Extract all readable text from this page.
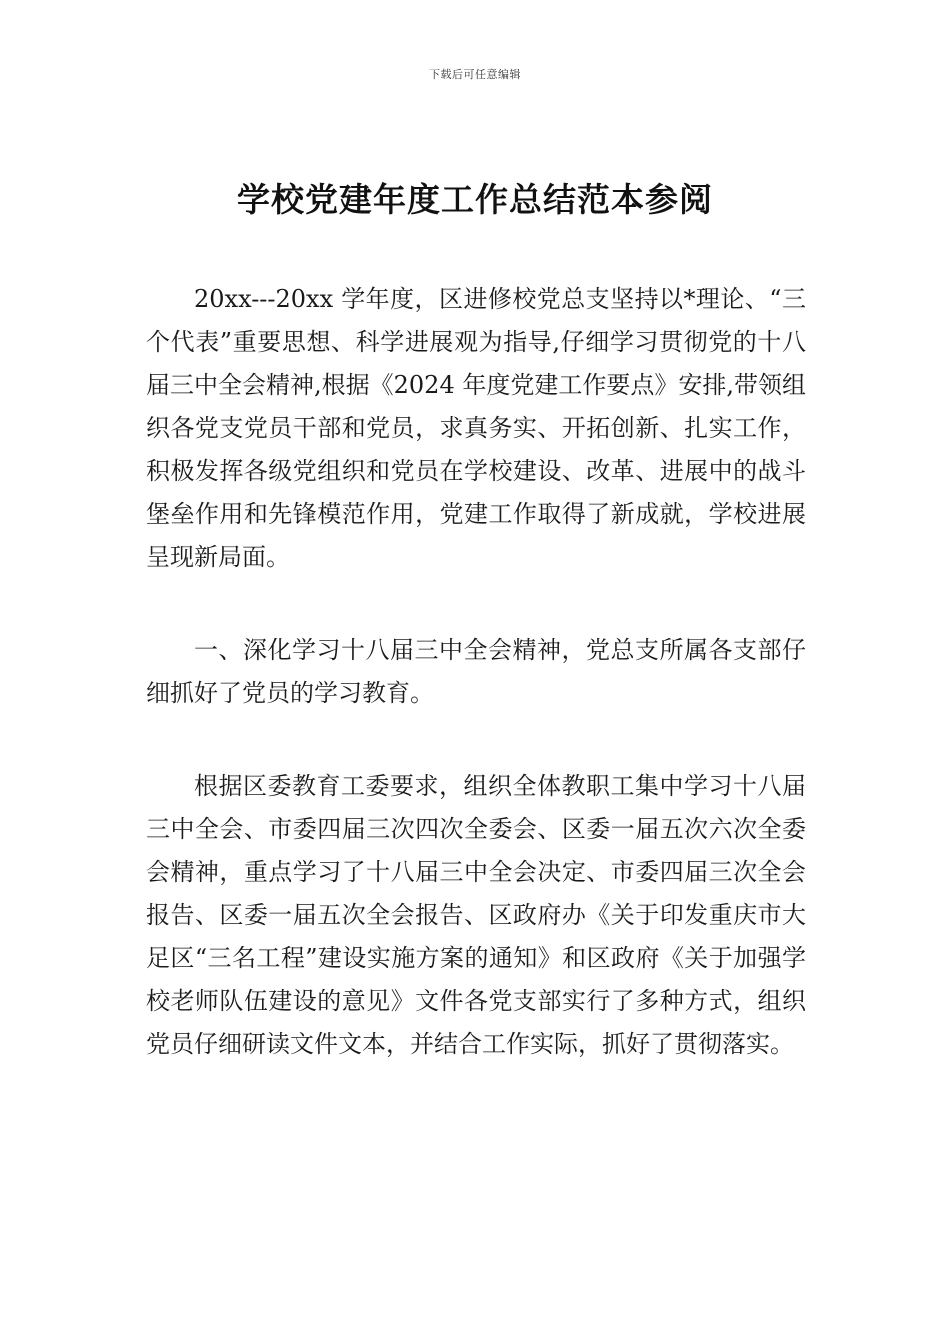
下载后可任意编辑
学校党建年度工作总结范本参阅

20xx---20xx 学年度，区进修校党总支坚持以*理论、“三个代表”重要思想、科学进展观为指导,仔细学习贯彻党的十八届三中全会精神,根据《2024 年度党建工作要点》安排,带领组织各党支党员干部和党员，求真务实、开拓创新、扎实工作，积极发挥各级党组织和党员在学校建设、改革、进展中的战斗堡垒作用和先锋模范作用，党建工作取得了新成就，学校进展呈现新局面。

一、深化学习十八届三中全会精神，党总支所属各支部仔细抓好了党员的学习教育。

根据区委教育工委要求，组织全体教职工集中学习十八届三中全会、市委四届三次四次全委会、区委一届五次六次全委会精神，重点学习了十八届三中全会决定、市委四届三次全会报告、区委一届五次全会报告、区政府办《关于印发重庆市大足区“三名工程”建设实施方案的通知》和区政府《关于加强学校老师队伍建设的意见》文件各党支部实行了多种方式，组织党员仔细研读文件文本，并结合工作实际，抓好了贯彻落实。
